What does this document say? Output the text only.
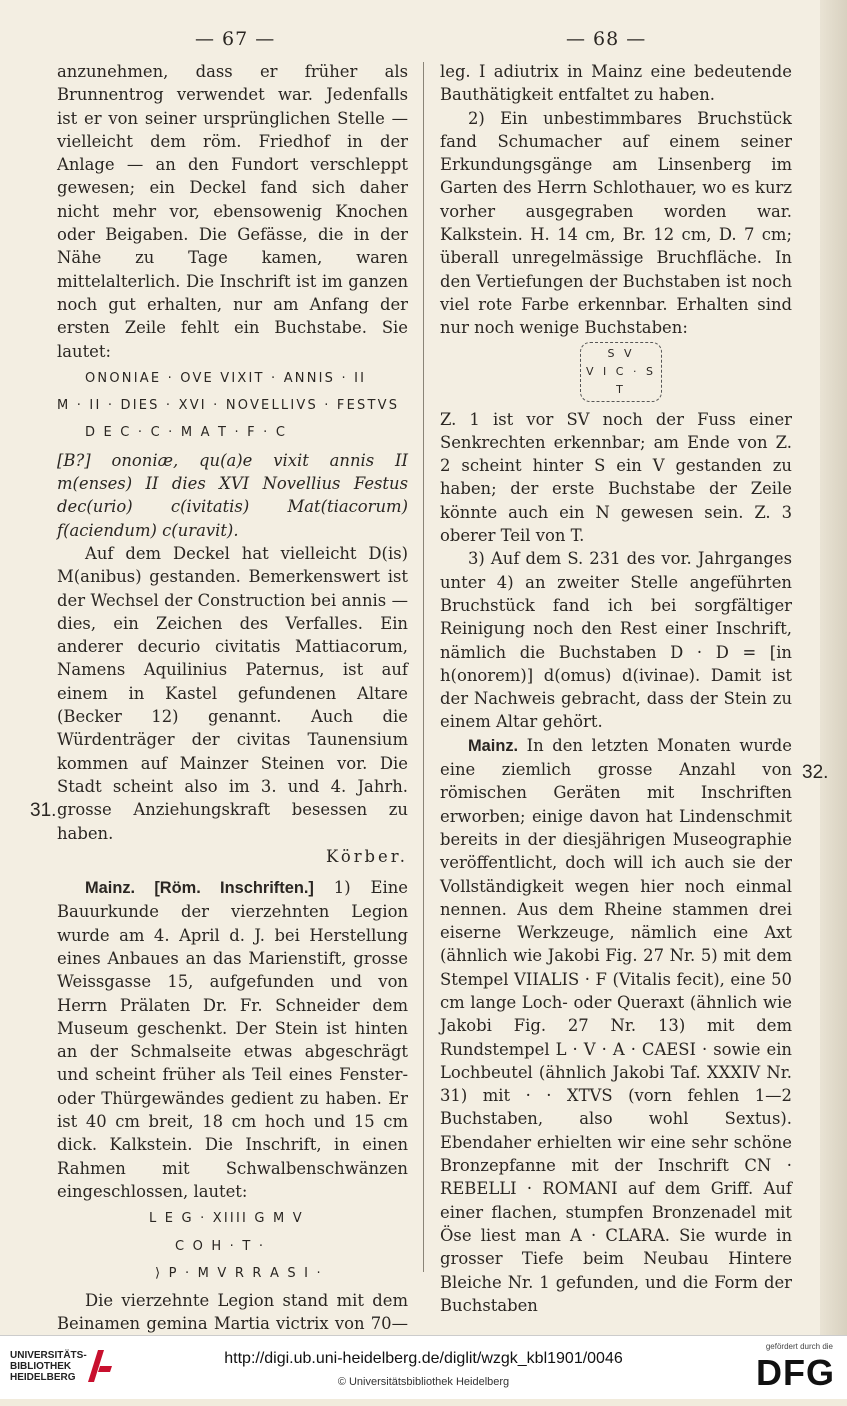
— 67 —	— 68 —
31.
32.

anzunehmen, dass er früher als Brunnentrog verwendet war. Jedenfalls ist er von seiner ursprünglichen Stelle — vielleicht dem röm. Friedhof in der Anlage — an den Fundort verschleppt gewesen; ein Deckel fand sich daher nicht mehr vor, ebensowenig Knochen oder Beigaben. Die Gefässe, die in der Nähe zu Tage kamen, waren mittelalterlich. Die Inschrift ist im ganzen noch gut erhalten, nur am Anfang der ersten Zeile fehlt ein Buchstabe. Sie lautet:

ONONIAE · OVE VIXIT · ANNIS · II
M · II · DIES · XVI · NOVELLIVS · FESTVS
D E C · C · M A T · F · C

[B?] ononiæ, qu(a)e vixit annis II m(enses) II dies XVI Novellius Festus dec(urio) c(ivitatis) Mat(tiacorum) f(aciendum) c(uravit).

Auf dem Deckel hat vielleicht D(is) M(anibus) gestanden. Bemerkenswert ist der Wechsel der Construction bei annis — dies, ein Zeichen des Verfalles. Ein anderer decurio civitatis Mattiacorum, Namens Aquilinius Paternus, ist auf einem in Kastel gefundenen Altare (Becker 12) genannt. Auch die Würdenträger der civitas Taunensium kommen auf Mainzer Steinen vor. Die Stadt scheint also im 3. und 4. Jahrh. grosse Anziehungskraft besessen zu haben.

Körber.

Mainz. [Röm. Inschriften.] 1) Eine Bauurkunde der vierzehnten Legion wurde am 4. April d. J. bei Herstellung eines Anbaues an das Marienstift, grosse Weissgasse 15, aufgefunden und von Herrn Prälaten Dr. Fr. Schneider dem Museum geschenkt. Der Stein ist hinten an der Schmalseite etwas abgeschrägt und scheint früher als Teil eines Fenster- oder Thürgewändes gedient zu haben. Er ist 40 cm breit, 18 cm hoch und 15 cm dick. Kalkstein. Die Inschrift, in einen Rahmen mit Schwalbenschwänzen eingeschlossen, lautet:

L E G · XIIII G M V
C O H · T ·
⟩ P · M V R R A S I ·

Die vierzehnte Legion stand mit dem Beinamen gemina Martia victrix von 70—

leg. I adiutrix in Mainz eine bedeutende Bauthätigkeit entfaltet zu haben.

2) Ein unbestimmbares Bruchstück fand Schumacher auf einem seiner Erkundungsgänge am Linsenberg im Garten des Herrn Schlothauer, wo es kurz vorher ausgegraben worden war. Kalkstein. H. 14 cm, Br. 12 cm, D. 7 cm; überall unregelmässige Bruchfläche. In den Vertiefungen der Buchstaben ist noch viel rote Farbe erkennbar. Erhalten sind nur noch wenige Buchstaben:

S V
V I C · S
T

Z. 1 ist vor SV noch der Fuss einer Senkrechten erkennbar; am Ende von Z. 2 scheint hinter S ein V gestanden zu haben; der erste Buchstabe der Zeile könnte auch ein N gewesen sein. Z. 3 oberer Teil von T.

3) Auf dem S. 231 des vor. Jahrganges unter 4) an zweiter Stelle angeführten Bruchstück fand ich bei sorgfältiger Reinigung noch den Rest einer Inschrift, nämlich die Buchstaben D · D = [in h(onorem)] d(omus) d(ivinae). Damit ist der Nachweis gebracht, dass der Stein zu einem Altar gehört.

Mainz. In den letzten Monaten wurde eine ziemlich grosse Anzahl von römischen Geräten mit Inschriften erworben; einige davon hat Lindenschmit bereits in der diesjährigen Museographie veröffentlicht, doch will ich auch sie der Vollständigkeit wegen hier noch einmal nennen. Aus dem Rheine stammen drei eiserne Werkzeuge, nämlich eine Axt (ähnlich wie Jakobi Fig. 27 Nr. 5) mit dem Stempel VIIALIS · F (Vitalis fecit), eine 50 cm lange Loch- oder Queraxt (ähnlich wie Jakobi Fig. 27 Nr. 13) mit dem Rundstempel L · V · A · CAESI · sowie ein Lochbeutel (ähnlich Jakobi Taf. XXXIV Nr. 31) mit · · XTVS (vorn fehlen 1—2 Buchstaben, also wohl Sextus). Ebendaher erhielten wir eine sehr schöne Bronzepfanne mit der Inschrift CN · REBELLI · ROMANI auf dem Griff. Auf einer flachen, stumpfen Bronzenadel mit Öse liest man A · CLARA. Sie wurde in grosser Tiefe beim Neubau Hintere Bleiche Nr. 1 gefunden, und die Form der Buchstaben

UNIVERSITÄTS-
BIBLIOTHEK
HEIDELBERG
http://digi.ub.uni-heidelberg.de/diglit/wzgk_kbl1901/0046
© Universitätsbibliothek Heidelberg
gefördert durch die
DFG
